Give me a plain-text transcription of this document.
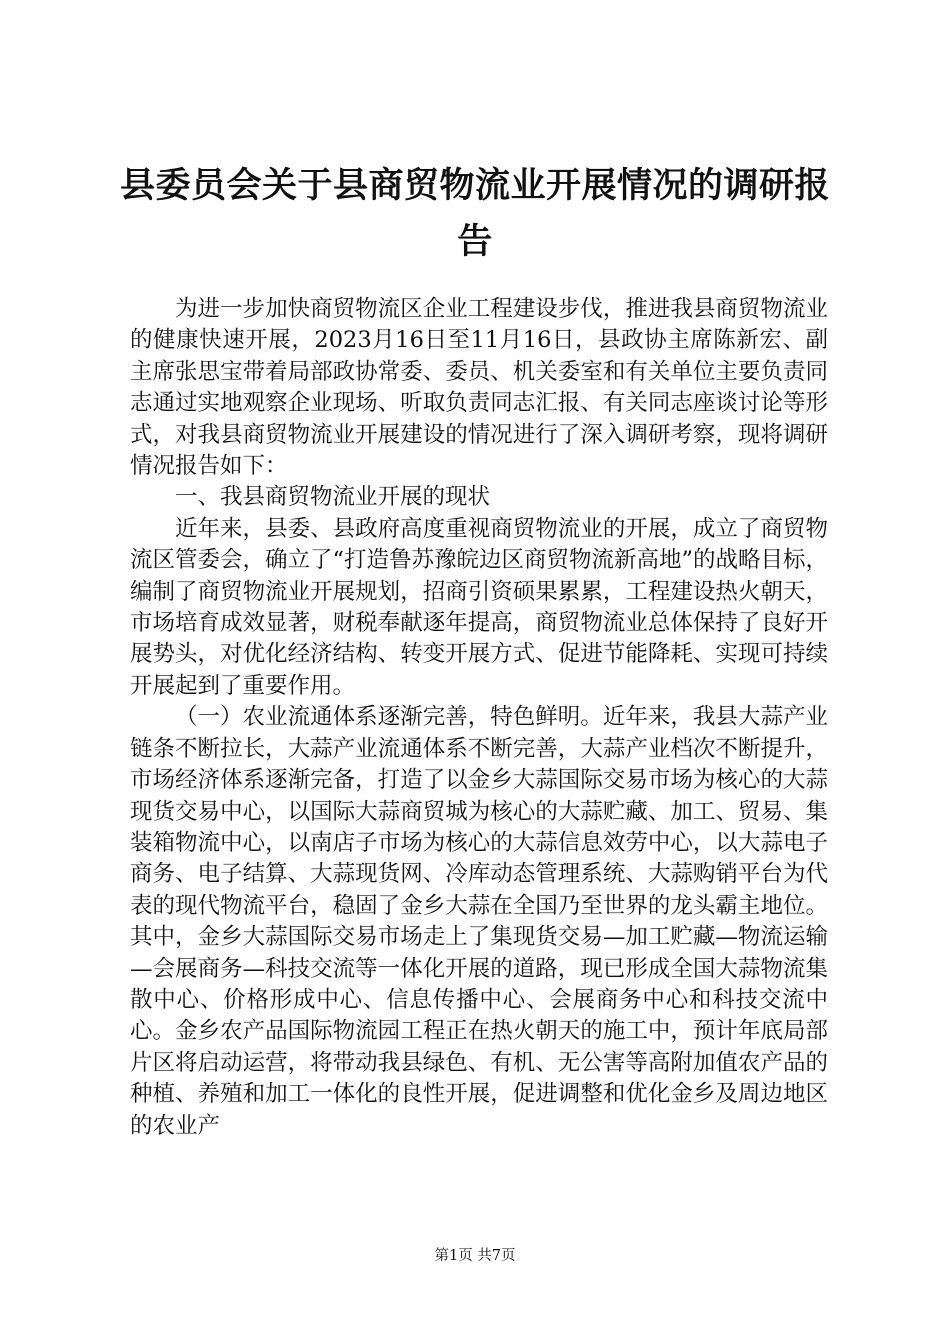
县委员会关于县商贸物流业开展情况的调研报告

为进一步加快商贸物流区企业工程建设步伐，推进我县商贸物流业的健康快速开展，2023月16日至11月16日，县政协主席陈新宏、副主席张思宝带着局部政协常委、委员、机关委室和有关单位主要负责同志通过实地观察企业现场、听取负责同志汇报、有关同志座谈讨论等形式，对我县商贸物流业开展建设的情况进行了深入调研考察，现将调研情况报告如下：

一、我县商贸物流业开展的现状

近年来，县委、县政府高度重视商贸物流业的开展，成立了商贸物流区管委会，确立了“打造鲁苏豫皖边区商贸物流新高地”的战略目标，编制了商贸物流业开展规划，招商引资硕果累累，工程建设热火朝天，市场培育成效显著，财税奉献逐年提高，商贸物流业总体保持了良好开展势头，对优化经济结构、转变开展方式、促进节能降耗、实现可持续开展起到了重要作用。

（一）农业流通体系逐渐完善，特色鲜明。近年来，我县大蒜产业链条不断拉长，大蒜产业流通体系不断完善，大蒜产业档次不断提升，市场经济体系逐渐完备，打造了以金乡大蒜国际交易市场为核心的大蒜现货交易中心，以国际大蒜商贸城为核心的大蒜贮藏、加工、贸易、集装箱物流中心，以南店子市场为核心的大蒜信息效劳中心，以大蒜电子商务、电子结算、大蒜现货网、冷库动态管理系统、大蒜购销平台为代表的现代物流平台，稳固了金乡大蒜在全国乃至世界的龙头霸主地位。其中，金乡大蒜国际交易市场走上了集现货交易—加工贮藏—物流运输—会展商务—科技交流等一体化开展的道路，现已形成全国大蒜物流集散中心、价格形成中心、信息传播中心、会展商务中心和科技交流中心。金乡农产品国际物流园工程正在热火朝天的施工中，预计年底局部片区将启动运营，将带动我县绿色、有机、无公害等高附加值农产品的种植、养殖和加工一体化的良性开展，促进调整和优化金乡及周边地区的农业产

第1页 共7页
